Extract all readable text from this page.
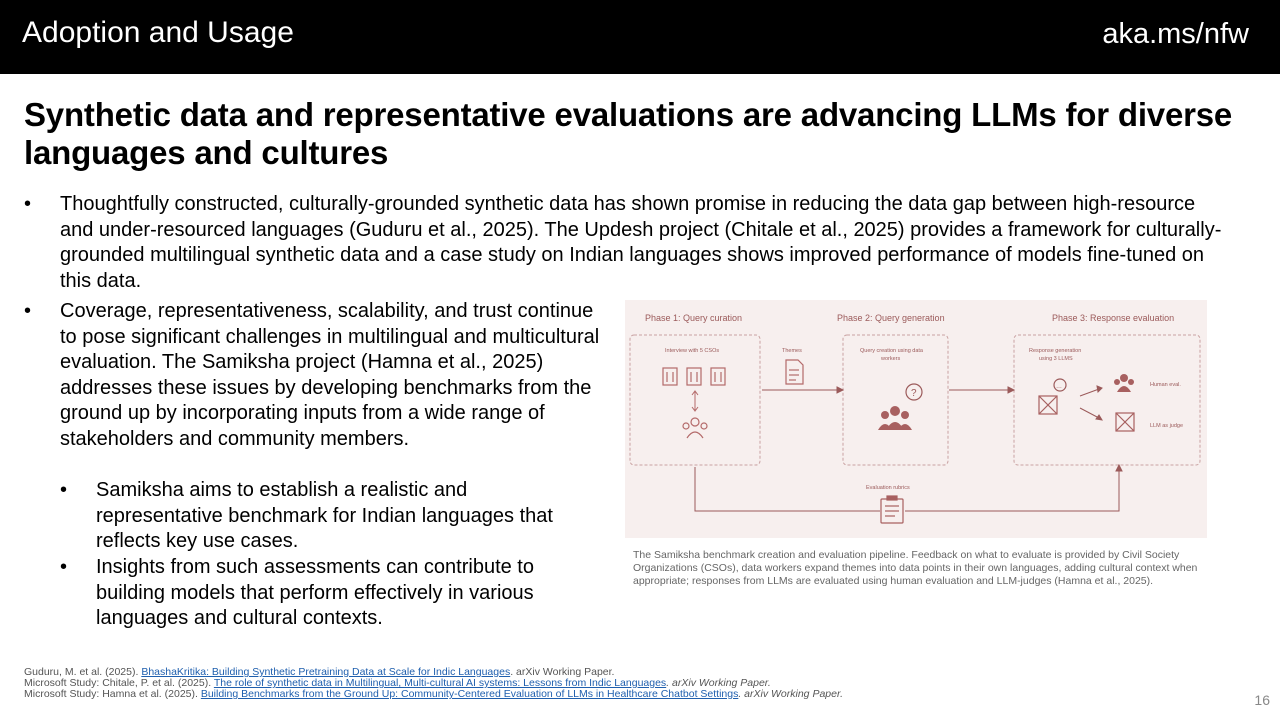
Adoption and Usage	aka.ms/nfw
Synthetic data and representative evaluations are advancing LLMs for diverse languages and cultures
• Thoughtfully constructed, culturally-grounded synthetic data has shown promise in reducing the data gap between high-resource and under-resourced languages (Guduru et al., 2025). The Updesh project (Chitale et al., 2025) provides a framework for culturally-grounded multilingual synthetic data and a case study on Indian languages shows improved performance of models fine-tuned on this data.
• Coverage, representativeness, scalability, and trust continue to pose significant challenges in multilingual and multicultural evaluation. The Samiksha project (Hamna et al., 2025) addresses these issues by developing benchmarks from the ground up by incorporating inputs from a wide range of stakeholders and community members.
• Samiksha aims to establish a realistic and representative benchmark for Indian languages that reflects key use cases.
• Insights from such assessments can contribute to building models that perform effectively in various languages and cultural contexts.
Phase 1: Query curation	Phase 2: Query generation	Phase 3: Response evaluation
Interview with 5 CSOs	Themes	Query creation using data
workers
Response generation
using 3 LLMS
Human eval.
LLM as judge
Evaluation rubrics
?
…
The Samiksha benchmark creation and evaluation pipeline. Feedback on what to evaluate is provided by Civil Society Organizations (CSOs), data workers expand themes into data points in their own languages, adding cultural context when appropriate; responses from LLMs are evaluated using human evaluation and LLM-judges (Hamna et al., 2025).
Guduru, M. et al. (2025). BhashaKritika: Building Synthetic Pretraining Data at Scale for Indic Languages. arXiv Working Paper.
Microsoft Study: Chitale, P. et al. (2025). The role of synthetic data in Multilingual, Multi-cultural AI systems: Lessons from Indic Languages. arXiv Working Paper.
Microsoft Study: Hamna et al. (2025). Building Benchmarks from the Ground Up: Community-Centered Evaluation of LLMs in Healthcare Chatbot Settings. arXiv Working Paper.	16
